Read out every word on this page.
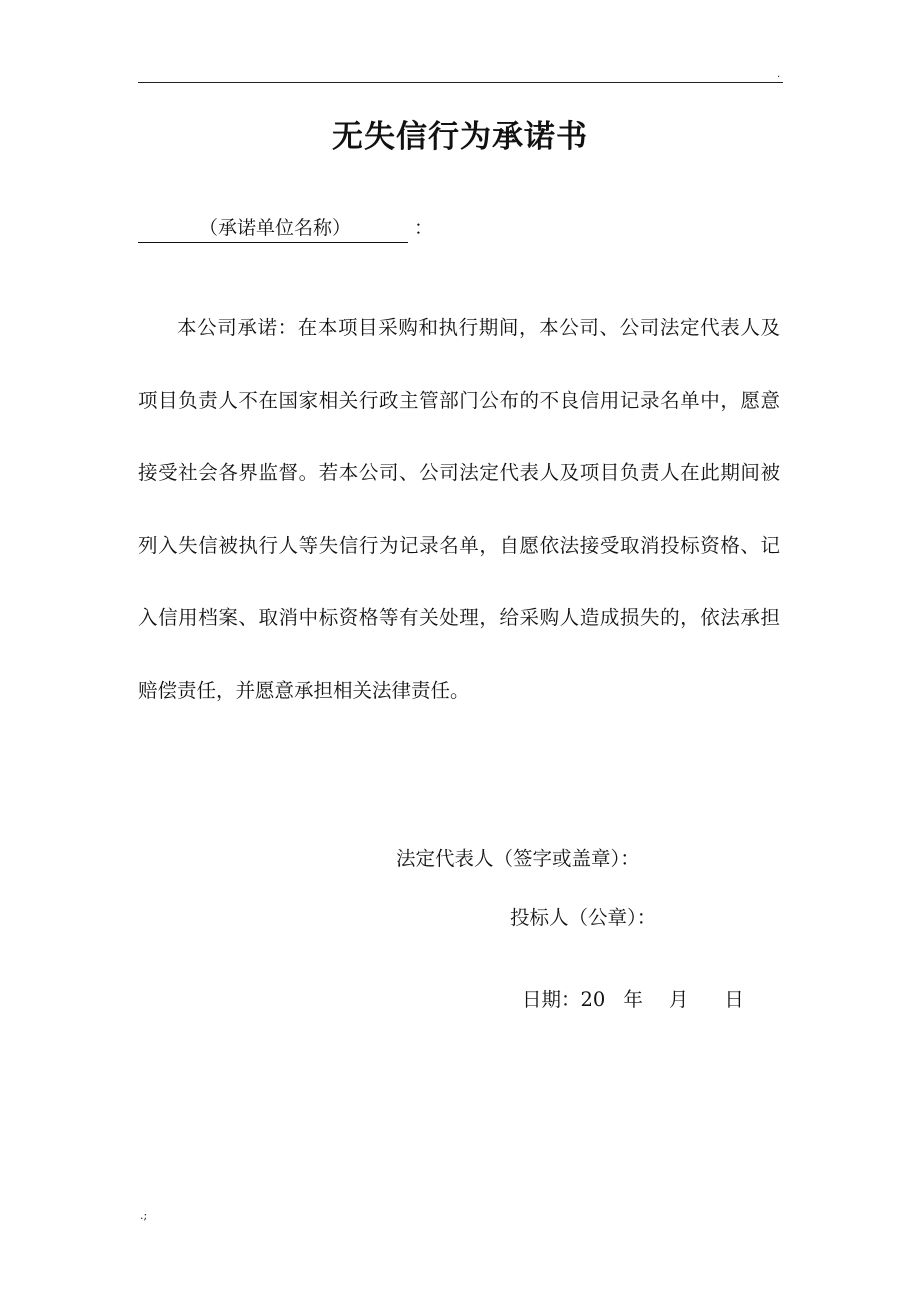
.
无失信行为承诺书
（承诺单位名称）	：

本公司承诺：在本项目采购和执行期间，本公司、公司法定代表人及项目负责人不在国家相关行政主管部门公布的不良信用记录名单中，愿意接受社会各界监督。若本公司、公司法定代表人及项目负责人在此期间被列入失信被执行人等失信行为记录名单，自愿依法接受取消投标资格、记入信用档案、取消中标资格等有关处理，给采购人造成损失的，依法承担赔偿责任，并愿意承担相关法律责任。

法定代表人（签字或盖章）：
投标人（公章）：
日期：20 年 月 日
.;
